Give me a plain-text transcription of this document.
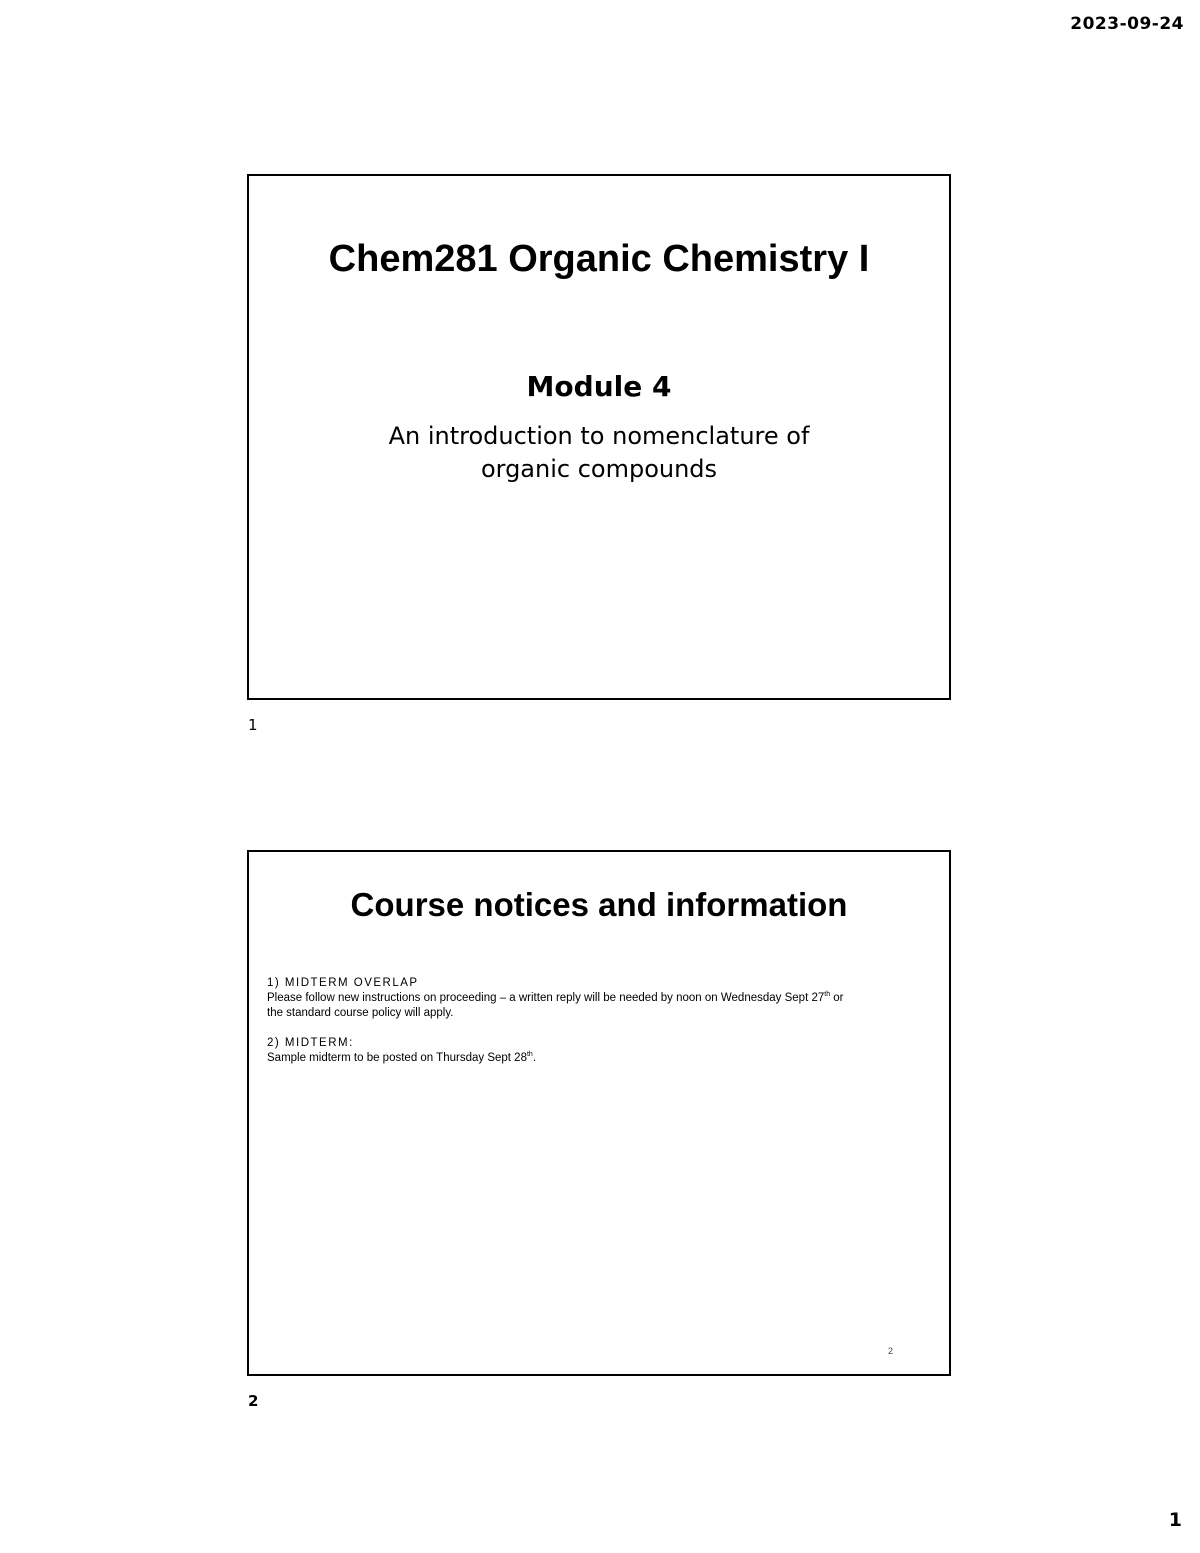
2023-09-24
Chem281 Organic Chemistry I
Module 4
An introduction to nomenclature of
organic compounds
1
Course notices and information

1) MIDTERM OVERLAP

Please follow new instructions on proceeding – a written reply will be needed by noon on Wednesday Sept 27th or

the standard course policy will apply.

2) MIDTERM:

Sample midterm to be posted on Thursday Sept 28th.

2
2
1
